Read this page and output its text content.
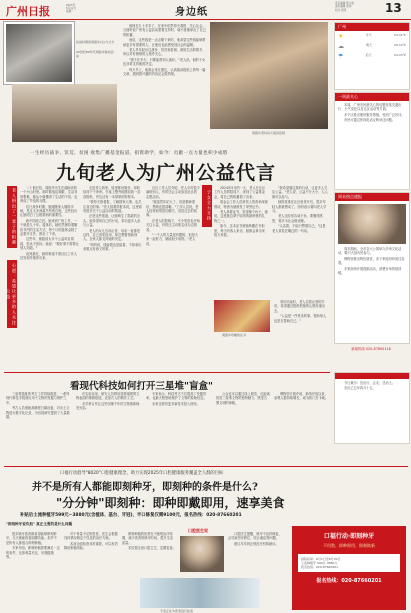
广州日报	2025年
5月12日
星期一	身边纸
责任编辑 陈小丽
美术编辑 赵伟
校对 张明	13
抗战时期的周振华(左)与丈夫
20世纪80年代周振华参加活动

他现在九十多岁了，在家中依然每天看报、关心社会。当他听说广州有公益活动需要支持时，毫不犹豫拿出了自己的积蓄。

他说，这些钱是一点点攒下来的，他希望这些钱能够帮助更多有需要的人，让他们也能感受到社会的温暖。

老人早年经历过战争、饥荒和贫困，深知生活的艰辛，所以对有困难的人格外关心。

"钱不在多少，只要能帮到人就好。"老人说。他的子女也非常支持他的决定。

每天早上，他都会坐在窗边，认真阅读报纸上的每一篇文章，遇到感兴趣的内容还会做剪报。

周振华坚持每天阅读报纸
一生经历战争、饥荒、贫困 收集广播基金报道、捐资助学，如今：贡献一点力量也积少成塔
九旬老人为广州公益代言
老人捐出了一辈子的积蓄
心愿：希望让更多的人关注公益
子女全力支持

二十世纪初，周振华出生在湖南省的一个小山村里。那时候战乱频繁，生活非常艰难。她从小就懂得了生活的不易，也养成了节俭的习惯。

抗日战争时期，她跟随家人辗转多地，见过太多流离失所的百姓，这些经历让她明白了互相帮助的重要性。

新中国成立后，她来到广州工作，一干就是几十年。退休后，她依然保持着勤俭节约的生活方式，每个月的退休金除了必要开支外，都存了下来。

这些年，她陆续为多个公益项目捐款，但从不张扬。她说："做好事不需要让别人知道。"

直到最近，她的事迹才被社区工作人员发现并推荐出来。

走进老人的家，屋里陈设简朴，却收拾得干干净净。书桌上整齐地摆放着一沓沓报纸，旁边还有一本厚厚的剪报本。

"我每天都看报，了解国家大事，也关注身边的事。"老人指着剪报本说，这里面有很多关于公益活动的报道。

正是这些报道，让她萌生了捐款的念头。她希望用自己的行动，带动更多人参与公益。

老人的女儿告诉记者，母亲一直都是这样，自己省吃俭用，却总想着帮助别人。全家人都支持她的决定。

"妈妈说，钱留着也是留着，不如拿出来做点有意义的事。"

社区工作人员介绍，老人平时很少麻烦别人，有时还会主动参加社区的志愿活动。

"她虽然年纪大了，但是精神很好，思路也很清晰。"工作人员说，老人经常和邻居们聊天，讲述过去的故事。

在老人的影响下，不少邻居也开始关注公益，有的还主动报名成为志愿者。

"一个人的力量是有限的，但是大家一起努力，就能积少成塔。"老人说。

2024年5月的一天，老人在社区工作人员的陪同下，来到了公益基金会，将自己的积蓄捐了出来。

基金会工作人员被老人的善举深深感动，特意为她颁发了荣誉证书。

老人拿着证书，笑得像个孩子。她说，这是她这辈子收到的最珍贵的礼物之一。

如今，这本证书被她珍藏在书柜里，每当有客人来访，她都会拿出来给大家看。

"我希望通过我的行动，让更多人关注公益。"老人说，公益不分大小，人人都可以参与。

她的故事在社区里传开后，很多年轻人都被感动了，纷纷表示要向老人学习。

老人还经常告诫子孙，要懂得感恩，要多为社会做贡献。

"人活着，不能只想着自己。"这是老人常挂在嘴边的一句话。

周振华珍藏的证书

采访结束时，老人拉着记者的手说，希望通过报纸把她的心愿传递出去。

"公益是一件快乐的事，帮助别人也是在帮助自己。"

广州
☀	今天	23-31℃
☁	明天	24-32℃
☂	后天	24-33℃
一周最关心

本周，广州市民最关心的话题包括交通出行、天气变化以及社区活动等方面。

多个区推出便民服务措施，受到广泛好评。

市民可通过热线电话反映身边问题。

周末热点速报

周末期间，全市各大公园举办多场文化活动，吸引大批市民参与。

博物馆推出特色展览，亲子家庭纷纷前往参观。

多家商场开展促销活动，消费市场持续回暖。

新闻热线 020-87600118
看现代科技如何打开三星堆"盲盒"

三星堆遗址的考古工作持续推进，一系列现代科技手段被应用于文物的发掘与保护之中。

考古人员借助高精度扫描设备，对出土文物进行数字化记录，为后续研究提供了大量数据。

在实验室里，研究人员利用显微镜观察文物表面的细微痕迹，还原古人的制作工艺。

多学科合作让这些沉睡千年的文物重新焕发光彩。

专家表示，科技考古不仅提高了发掘效率，也最大程度地保护了文物的原始信息。

未来还将有更多新技术投入使用。

公众也可以通过线上展览，近距离欣赏三星堆文物的独特魅力，感受古蜀文明的神秘。

博物馆方面介绍，新馆开放以来，参观人数持续增长，成为热门打卡地。

今日黄历：宜出行、会友；忌动土。

农历乙巳年四月十五。

口福行动倡导"8020"口腔健康理念，助力实现2025年口腔健康服务覆盖全人群的目标
并不是所有人都能即刻种牙，即刻种的条件是什么?
"分分钟"即刻种：即种即戴即用，速享美食
补贴后士流种植牙599元~3880元(含植体、基台、牙冠)，半口修复仅需9100元，报名热线：020-87660201
"即刻种牙说负担" 真正主要的是什么问题

很多缺牙患者都希望能够即刻种牙，当天就能恢复咀嚼功能。但并不是所有人都适合即刻种植。

专家介绍，即刻种植需要满足一定的条件，比如骨量充足、牙龈健康等。

对于骨量不足的患者，医生会根据具体情况制定个性化的治疗方案。

术前全面检查非常重要，可以有效降低种植风险。

即刻种植的优势在于缩短治疗周期，减少患者的缺牙时间，提升生活质量。

术后需注意口腔卫生，定期复查。

口腔医生说

口腔医生提醒，缺牙不及时修复，会导致邻牙移位、咬合紊乱等问题。

建议尽早到正规医疗机构就诊。

专家正在为患者进行检查
口福行动·即刻种牙
不用熬、即种即用、即刻焕新
到院时间：6月1日至6月30日
士流种植牙 599元-3880元
报名热线：020-87660201
报名热线：020-87660201
